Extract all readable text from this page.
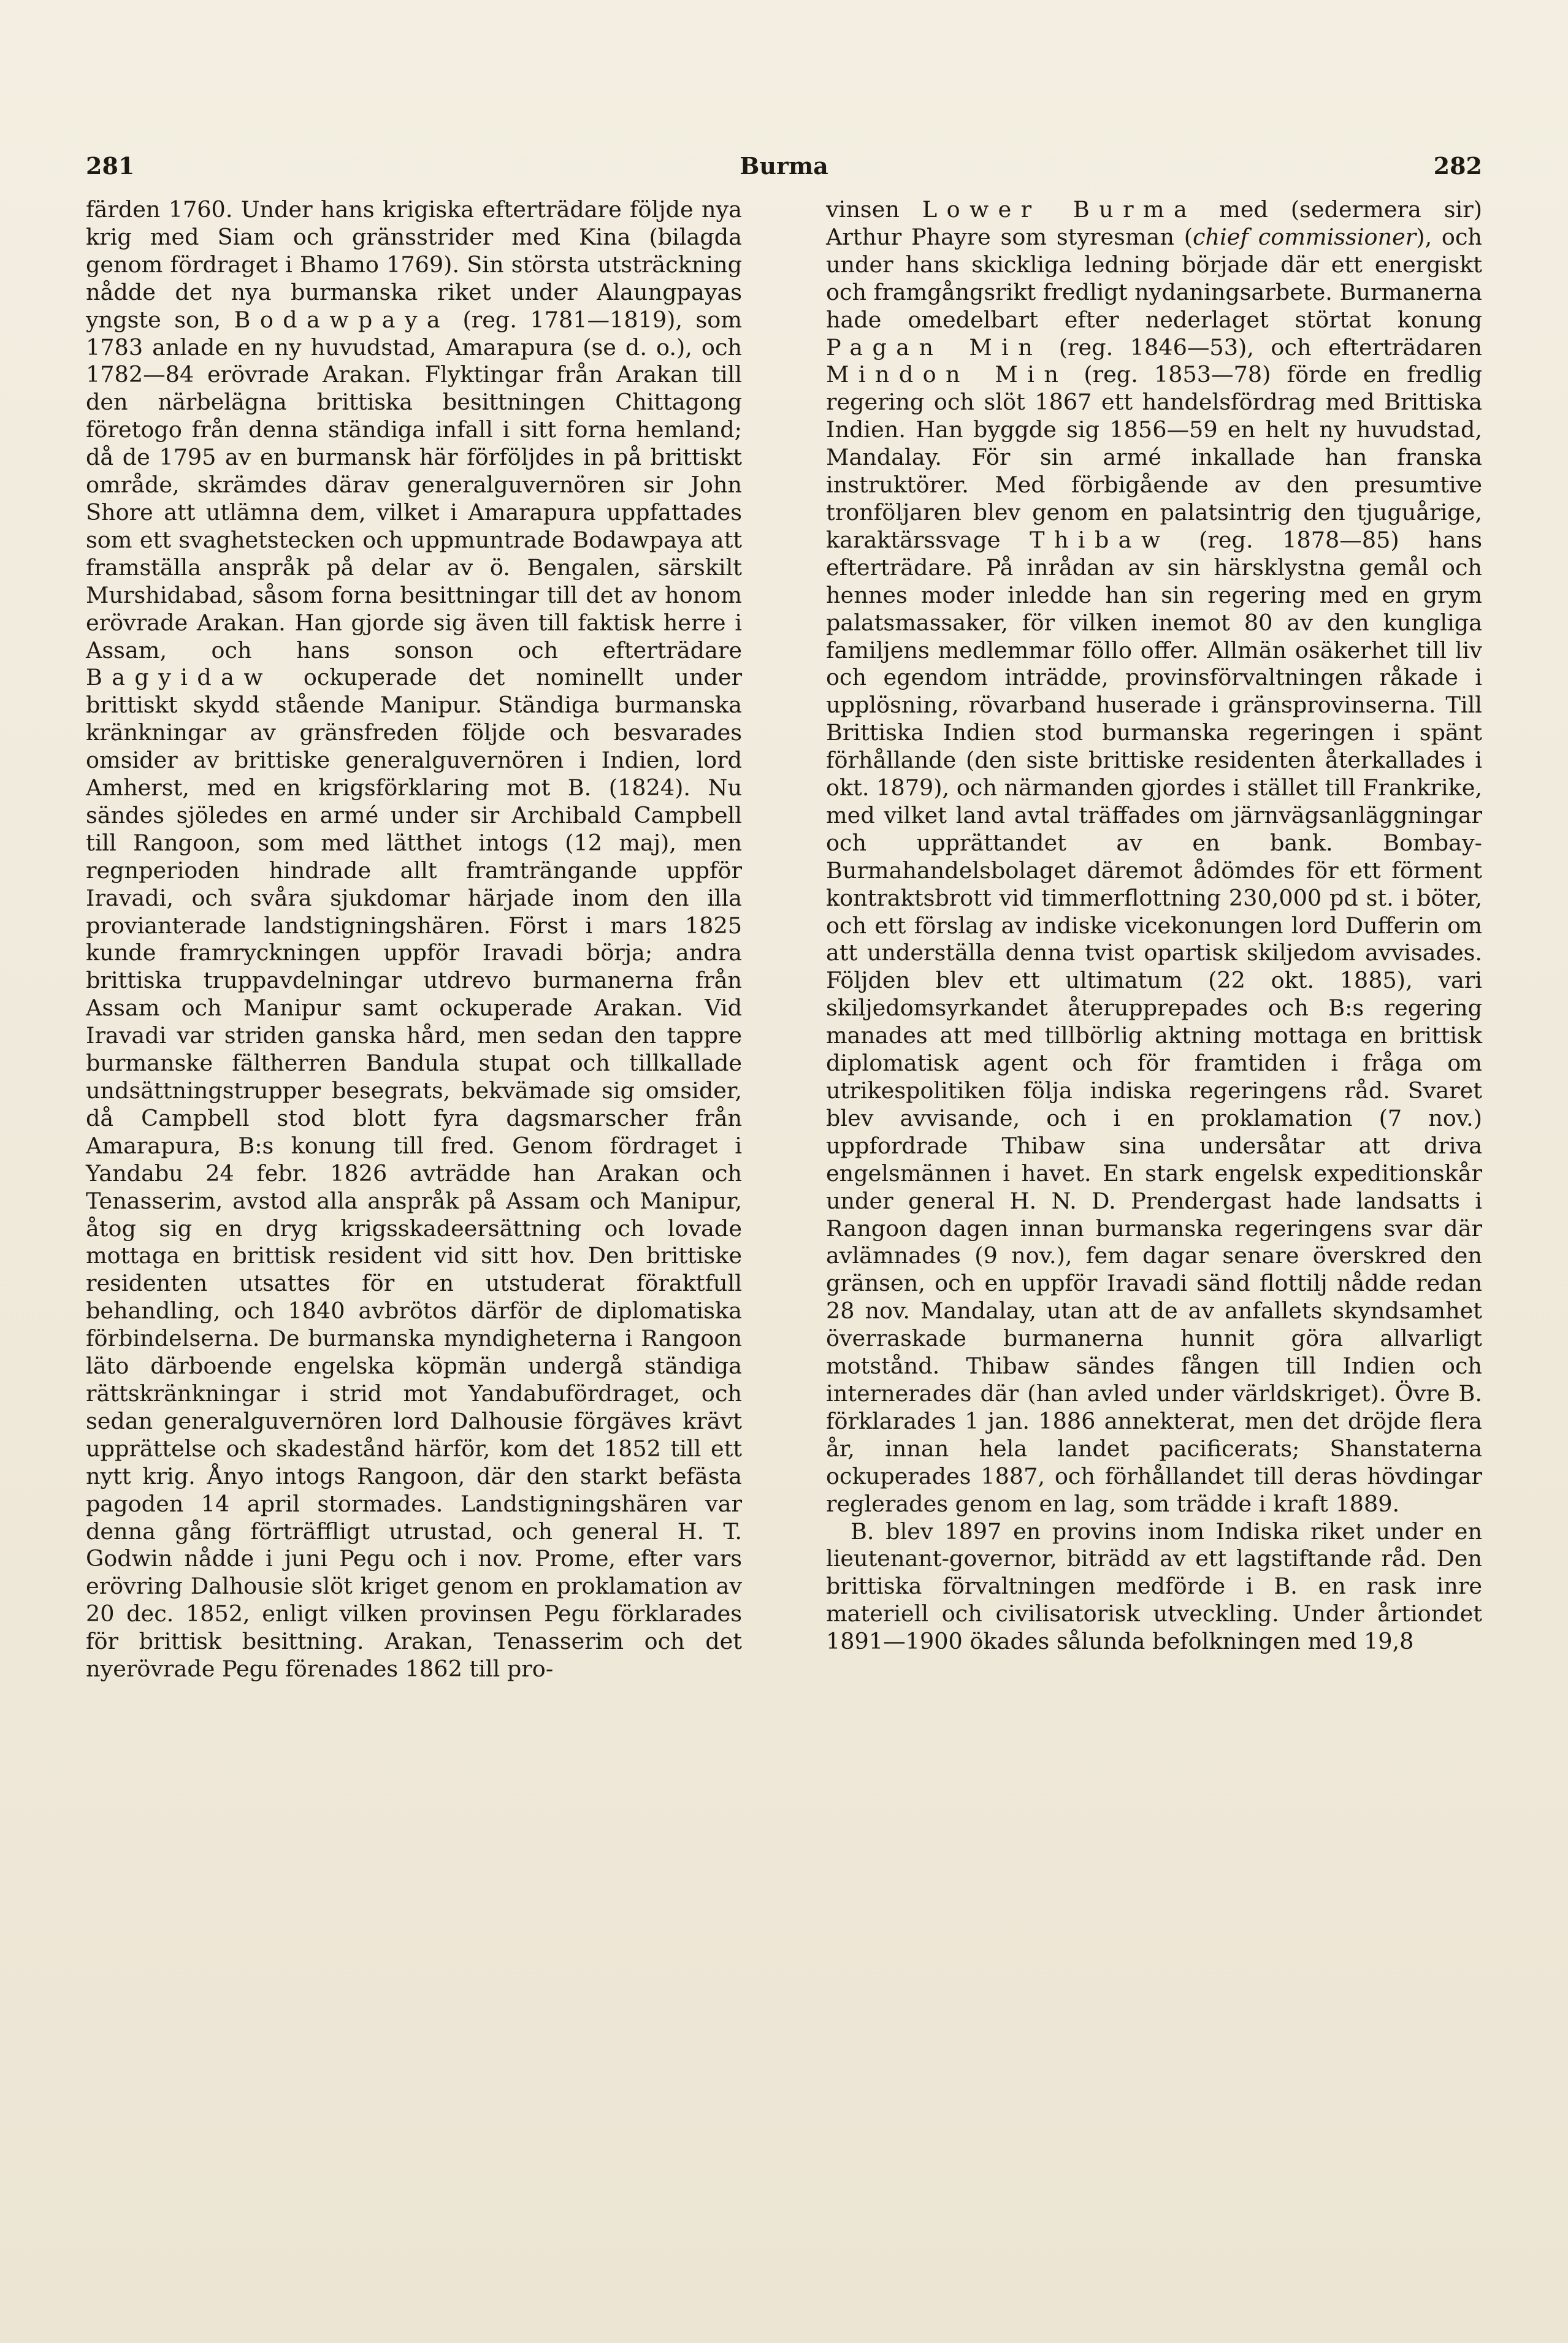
281	Burma	282

färden 1760. Under hans krigiska efterträdare följde nya krig med Siam och gränsstrider med Kina (bilagda genom fördraget i Bhamo 1769). Sin största utsträckning nådde det nya burmanska riket under Alaungpayas yngste son, Bodawpaya (reg. 1781—1819), som 1783 anlade en ny huvudstad, Amarapura (se d. o.), och 1782—84 erövrade Arakan. Flyktingar från Arakan till den närbelägna brittiska besittningen Chittagong företogo från denna ständiga infall i sitt forna hemland; då de 1795 av en burmansk här förföljdes in på brittiskt område, skrämdes därav generalguvernören sir John Shore att utlämna dem, vilket i Amarapura uppfattades som ett svaghetstecken och uppmuntrade Bodawpaya att framställa anspråk på delar av ö. Bengalen, särskilt Murshidabad, såsom forna besittningar till det av honom erövrade Arakan. Han gjorde sig även till faktisk herre i Assam, och hans sonson och efterträdare Bagyidaw ockuperade det nominellt under brittiskt skydd stående Manipur. Ständiga burmanska kränkningar av gränsfreden följde och besvarades omsider av brittiske generalguvernören i Indien, lord Amherst, med en krigsförklaring mot B. (1824). Nu sändes sjöledes en armé under sir Archibald Campbell till Rangoon, som med lätthet intogs (12 maj), men regnperioden hindrade allt framträngande uppför Iravadi, och svåra sjukdomar härjade inom den illa provianterade landstigningshären. Först i mars 1825 kunde framryckningen uppför Iravadi börja; andra brittiska truppavdelningar utdrevo burmanerna från Assam och Manipur samt ockuperade Arakan. Vid Iravadi var striden ganska hård, men sedan den tappre burmanske fältherren Bandula stupat och tillkallade undsättningstrupper besegrats, bekvämade sig omsider, då Campbell stod blott fyra dagsmarscher från Amarapura, B:s konung till fred. Genom fördraget i Yandabu 24 febr. 1826 avträdde han Arakan och Tenasserim, avstod alla anspråk på Assam och Manipur, åtog sig en dryg krigsskadeersättning och lovade mottaga en brittisk resident vid sitt hov. Den brittiske residenten utsattes för en utstuderat föraktfull behandling, och 1840 avbrötos därför de diplomatiska förbindelserna. De burmanska myndigheterna i Rangoon läto därboende engelska köpmän undergå ständiga rättskränkningar i strid mot Yandabufördraget, och sedan generalguvernören lord Dalhousie förgäves krävt upprättelse och skadestånd härför, kom det 1852 till ett nytt krig. Ånyo intogs Rangoon, där den starkt befästa pagoden 14 april stormades. Landstigningshären var denna gång förträffligt utrustad, och general H. T. Godwin nådde i juni Pegu och i nov. Prome, efter vars erövring Dalhousie slöt kriget genom en proklamation av 20 dec. 1852, enligt vilken provinsen Pegu förklarades för brittisk besittning. Arakan, Tenasserim och det nyerövrade Pegu förenades 1862 till pro-

vinsen Lower Burma med (sedermera sir) Arthur Phayre som styresman (chief commissioner), och under hans skickliga ledning började där ett energiskt och framgångsrikt fredligt nydaningsarbete. Burmanerna hade omedelbart efter nederlaget störtat konung Pagan Min (reg. 1846—53), och efterträdaren Mindon Min (reg. 1853—78) förde en fredlig regering och slöt 1867 ett handelsfördrag med Brittiska Indien. Han byggde sig 1856—59 en helt ny huvudstad, Mandalay. För sin armé inkallade han franska instruktörer. Med förbigående av den presumtive tronföljaren blev genom en palatsintrig den tjuguårige, karaktärssvage Thibaw (reg. 1878—85) hans efterträdare. På inrådan av sin härsklystna gemål och hennes moder inledde han sin regering med en grym palatsmassaker, för vilken inemot 80 av den kungliga familjens medlemmar föllo offer. Allmän osäkerhet till liv och egendom inträdde, provinsförvaltningen råkade i upplösning, rövarband huserade i gränsprovinserna. Till Brittiska Indien stod burmanska regeringen i spänt förhållande (den siste brittiske residenten återkallades i okt. 1879), och närmanden gjordes i stället till Frankrike, med vilket land avtal träffades om järnvägsanläggningar och upprättandet av en bank. Bombay-Burmahandelsbolaget däremot ådömdes för ett förment kontraktsbrott vid timmerflottning 230,000 pd st. i böter, och ett förslag av indiske vicekonungen lord Dufferin om att underställa denna tvist opartisk skiljedom avvisades. Följden blev ett ultimatum (22 okt. 1885), vari skiljedomsyrkandet återupprepades och B:s regering manades att med tillbörlig aktning mottaga en brittisk diplomatisk agent och för framtiden i fråga om utrikespolitiken följa indiska regeringens råd. Svaret blev avvisande, och i en proklamation (7 nov.) uppfordrade Thibaw sina undersåtar att driva engelsmännen i havet. En stark engelsk expeditionskår under general H. N. D. Prendergast hade landsatts i Rangoon dagen innan burmanska regeringens svar där avlämnades (9 nov.), fem dagar senare överskred den gränsen, och en uppför Iravadi sänd flottilj nådde redan 28 nov. Mandalay, utan att de av anfallets skyndsamhet överraskade burmanerna hunnit göra allvarligt motstånd. Thibaw sändes fången till Indien och internerades där (han avled under världskriget). Övre B. förklarades 1 jan. 1886 annekterat, men det dröjde flera år, innan hela landet pacificerats; Shanstaterna ockuperades 1887, och förhållandet till deras hövdingar reglerades genom en lag, som trädde i kraft 1889.

B. blev 1897 en provins inom Indiska riket under en lieutenant-governor, biträdd av ett lagstiftande råd. Den brittiska förvaltningen medförde i B. en rask inre materiell och civilisatorisk utveckling. Under årtiondet 1891—1900 ökades sålunda befolkningen med 19,8
